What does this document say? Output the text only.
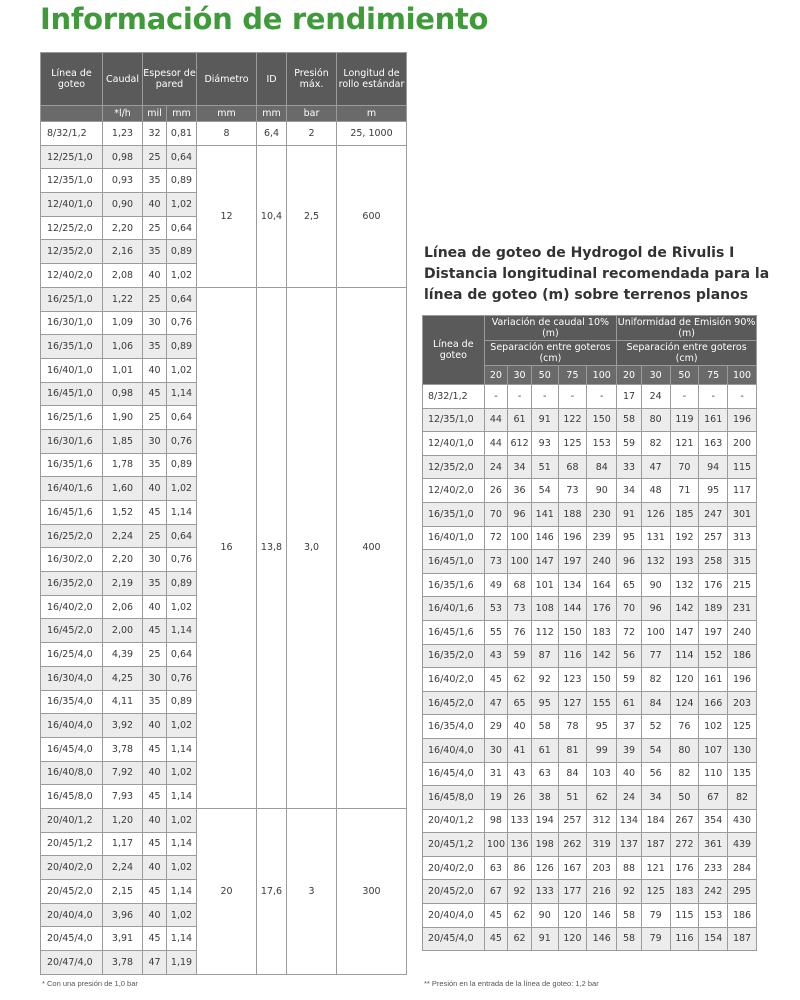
Información de rendimiento
Línea de goteo	Caudal	Espesor de pared		Diámetro	ID	Presión máx.	Longitud de rollo estándar
	*l/h	mil	mm	mm	mm	bar	m
8/32/1,2	1,23	32	0,81	8	6,4	2	25, 1000
12/25/1,0	0,98	25	0,64	12	10,4	2,5	600
12/35/1,0	0,93	35	0,89				
12/40/1,0	0,90	40	1,02				
12/25/2,0	2,20	25	0,64				
12/35/2,0	2,16	35	0,89				
12/40/2,0	2,08	40	1,02				
16/25/1,0	1,22	25	0,64	16	13,8	3,0	400
16/30/1,0	1,09	30	0,76				
16/35/1,0	1,06	35	0,89				
16/40/1,0	1,01	40	1,02				
16/45/1,0	0,98	45	1,14				
16/25/1,6	1,90	25	0,64				
16/30/1,6	1,85	30	0,76				
16/35/1,6	1,78	35	0,89				
16/40/1,6	1,60	40	1,02				
16/45/1,6	1,52	45	1,14				
16/25/2,0	2,24	25	0,64				
16/30/2,0	2,20	30	0,76				
16/35/2,0	2,19	35	0,89				
16/40/2,0	2,06	40	1,02				
16/45/2,0	2,00	45	1,14				
16/25/4,0	4,39	25	0,64				
16/30/4,0	4,25	30	0,76				
16/35/4,0	4,11	35	0,89				
16/40/4,0	3,92	40	1,02				
16/45/4,0	3,78	45	1,14				
16/40/8,0	7,92	40	1,02				
16/45/8,0	7,93	45	1,14				
20/40/1,2	1,20	40	1,02	20	17,6	3	300
20/45/1,2	1,17	45	1,14				
20/40/2,0	2,24	40	1,02				
20/45/2,0	2,15	45	1,14				
20/40/4,0	3,96	40	1,02				
20/45/4,0	3,91	45	1,14				
20/47/4,0	3,78	47	1,19				
* Con una presión de 1,0 bar

Línea de goteo de Hydrogol de Rivulis I Distancia longitudinal recomendada para la línea de goteo (m) sobre terrenos planos

Línea de goteo	Variación de caudal 10% (m)					Uniformidad de Emisión 90% (m)				
	Separación entre goteros (cm)					Separación entre goteros (cm)				
	20	30	50	75	100	20	30	50	75	100
8/32/1,2	-	-	-	-	-	17	24	-	-	-
12/35/1,0	44	61	91	122	150	58	80	119	161	196
12/40/1,0	44	612	93	125	153	59	82	121	163	200
12/35/2,0	24	34	51	68	84	33	47	70	94	115
12/40/2,0	26	36	54	73	90	34	48	71	95	117
16/35/1,0	70	96	141	188	230	91	126	185	247	301
16/40/1,0	72	100	146	196	239	95	131	192	257	313
16/45/1,0	73	100	147	197	240	96	132	193	258	315
16/35/1,6	49	68	101	134	164	65	90	132	176	215
16/40/1,6	53	73	108	144	176	70	96	142	189	231
16/45/1,6	55	76	112	150	183	72	100	147	197	240
16/35/2,0	43	59	87	116	142	56	77	114	152	186
16/40/2,0	45	62	92	123	150	59	82	120	161	196
16/45/2,0	47	65	95	127	155	61	84	124	166	203
16/35/4,0	29	40	58	78	95	37	52	76	102	125
16/40/4,0	30	41	61	81	99	39	54	80	107	130
16/45/4,0	31	43	63	84	103	40	56	82	110	135
16/45/8,0	19	26	38	51	62	24	34	50	67	82
20/40/1,2	98	133	194	257	312	134	184	267	354	430
20/45/1,2	100	136	198	262	319	137	187	272	361	439
20/40/2,0	63	86	126	167	203	88	121	176	233	284
20/45/2,0	67	92	133	177	216	92	125	183	242	295
20/40/4,0	45	62	90	120	146	58	79	115	153	186
20/45/4,0	45	62	91	120	146	58	79	116	154	187
** Presión en la entrada de la línea de goteo: 1,2 bar
